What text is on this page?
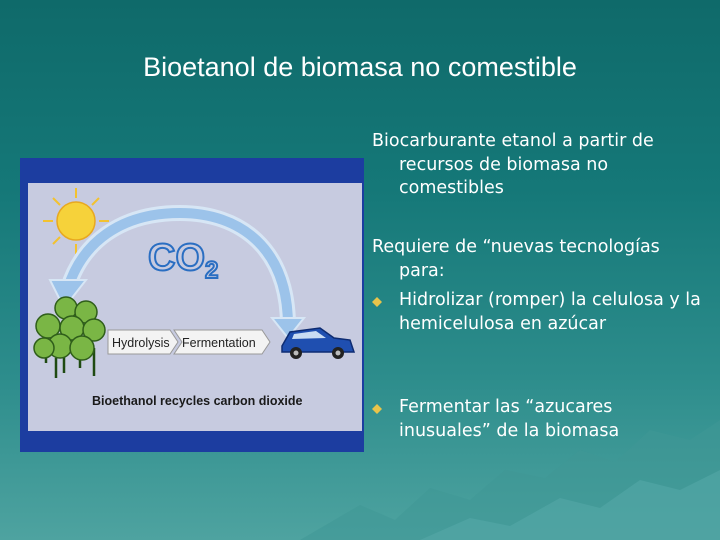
Bioetanol de biomasa no comestible
$CO_2$
Hydrolysis Fermentation
Bioethanol recycles carbon dioxide

Biocarburante etanol a partir de recursos de biomasa no comestibles

Requiere de “nuevas tecnologías para:

Hidrolizar (romper) la celulosa y la hemicelulosa en azúcar

Fermentar las “azucares inusuales” de la biomasa
